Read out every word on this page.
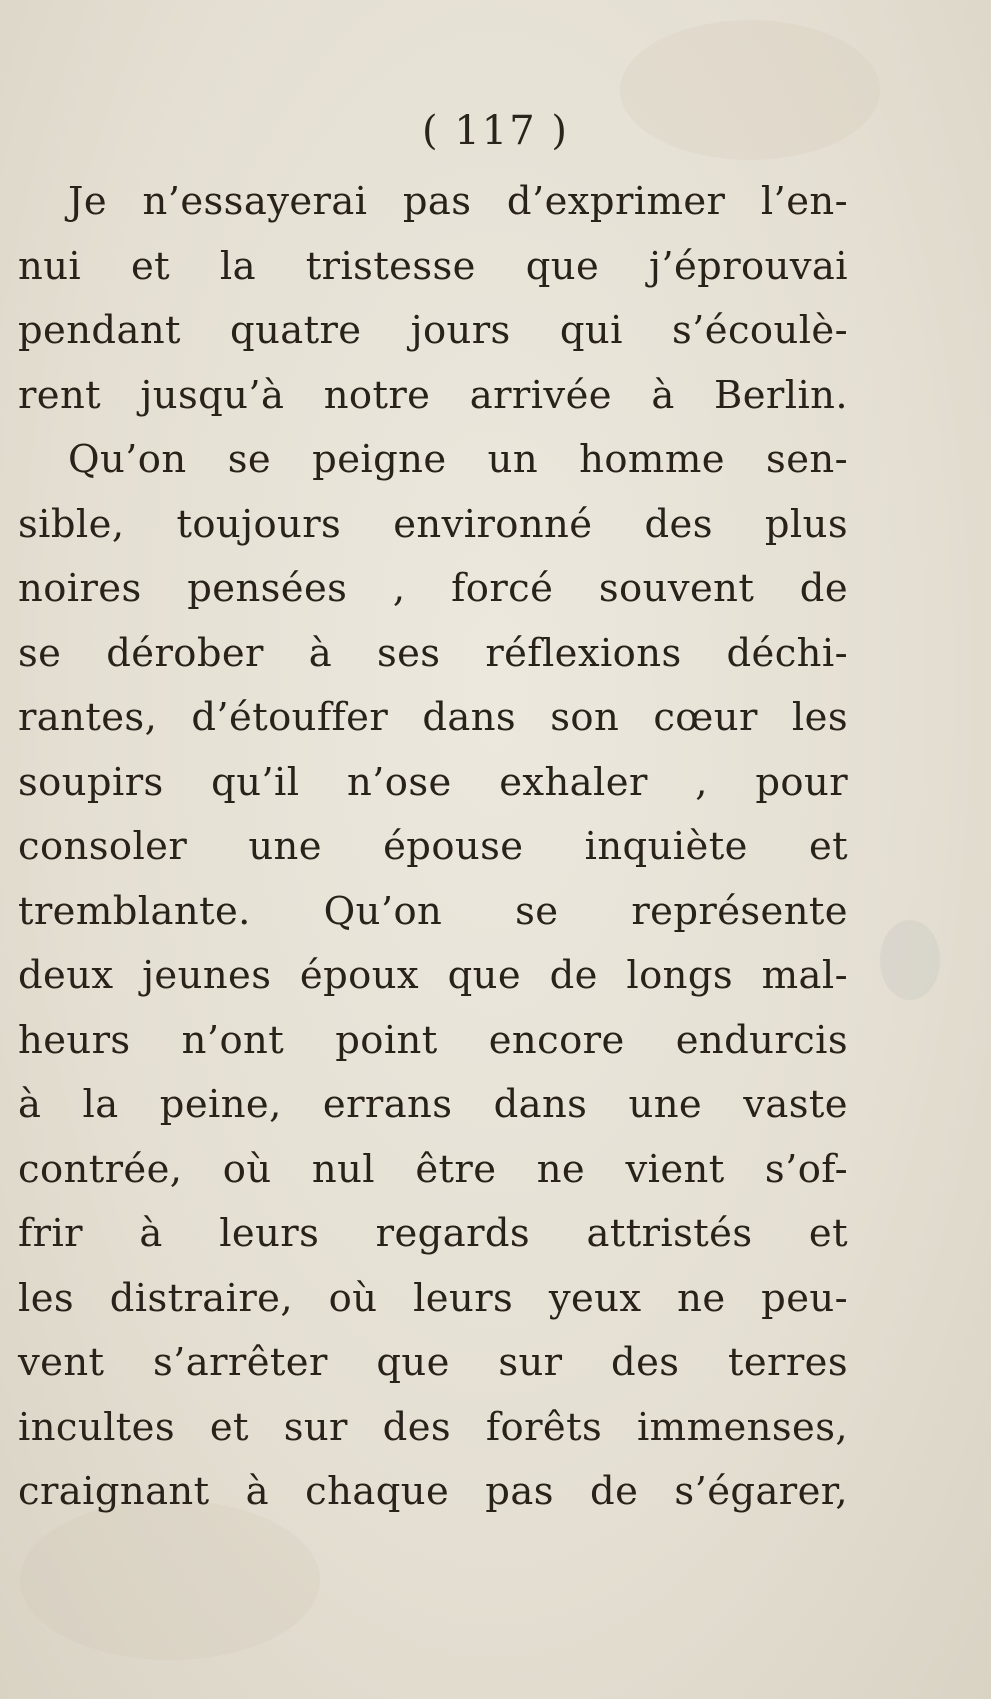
( 117 )
Je n’essayerai pas d’exprimer l’en-
nui et la tristesse que j’éprouvai
pendant quatre jours qui s’écoulè-
rent jusqu’à notre arrivée à Berlin.
Qu’on se peigne un homme sen-
sible, toujours environné des plus
noires pensées , forcé souvent de
se dérober à ses réflexions déchi-
rantes, d’étouffer dans son cœur les
soupirs qu’il n’ose exhaler , pour
consoler une épouse inquiète et
tremblante. Qu’on se représente
deux jeunes époux que de longs mal-
heurs n’ont point encore endurcis
à la peine, errans dans une vaste
contrée, où nul être ne vient s’of-
frir à leurs regards attristés et
les distraire, où leurs yeux ne peu-
vent s’arrêter que sur des terres
incultes et sur des forêts immenses,
craignant à chaque pas de s’égarer,
